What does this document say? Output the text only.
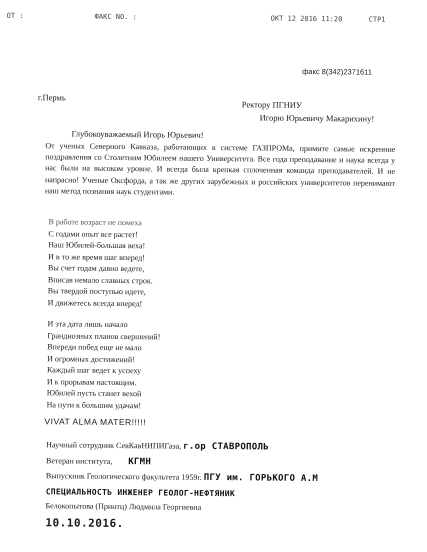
OT :	ФАКС NO. :	OKT 12 2016 11:20	СТР1
факс 8(342)2371611
г.Пермь
Ректору ПГНИУ
Игорю Юрьевичу Макарихину!
Глубокоуважаемый Игорь Юрьевич!
От ученых Северного Кавказа, работающих в системе ГАЗПРОМа, примите самые искренние поздравления со Столетним Юбилеем нашего Университета. Все года преподавание и наука всегда у нас были на высоком уровне. И всегда была крепкая сплоченная команда преподавателей. И не напрасно! Ученые Оксфорда, а так же других зарубежных и российских университетов перенимают наш метод познания наук студентами.
В работе возраст не помеха
С годами опыт все растет!
Наш Юбилей-большая веха!
И в то же время шаг вперед!
Вы счет годам давно ведете,
Вписав немало славных строк.
Вы твердой поступью идете,
И движетесь всегда вперед!
И эта дата лишь начало
Грандиозных планов свершений!
Впереди побед еще не мало
И огромных достижений!
Каждый шаг ведет к успеху
И к прорывам настоящим.
Юбилей пусть станет вехой
На пути к большим удачам!
VIVAT ALMA MATER!!!!!
Научный сотрудник СевКавНИПИГаза, г.ор СТАВРОПОЛЬ
Ветеран института, КГМН
Выпускник Геологического факультета 1959г. ПГУ им. ГОРЬКОГО А.М
СПЕЦИАЛЬНОСТЬ ИНЖЕНЕР ГЕОЛОГ-НЕФТЯНИК
Белокопытова (Принтц) Людмила Георгиевна
10.10.2016.
